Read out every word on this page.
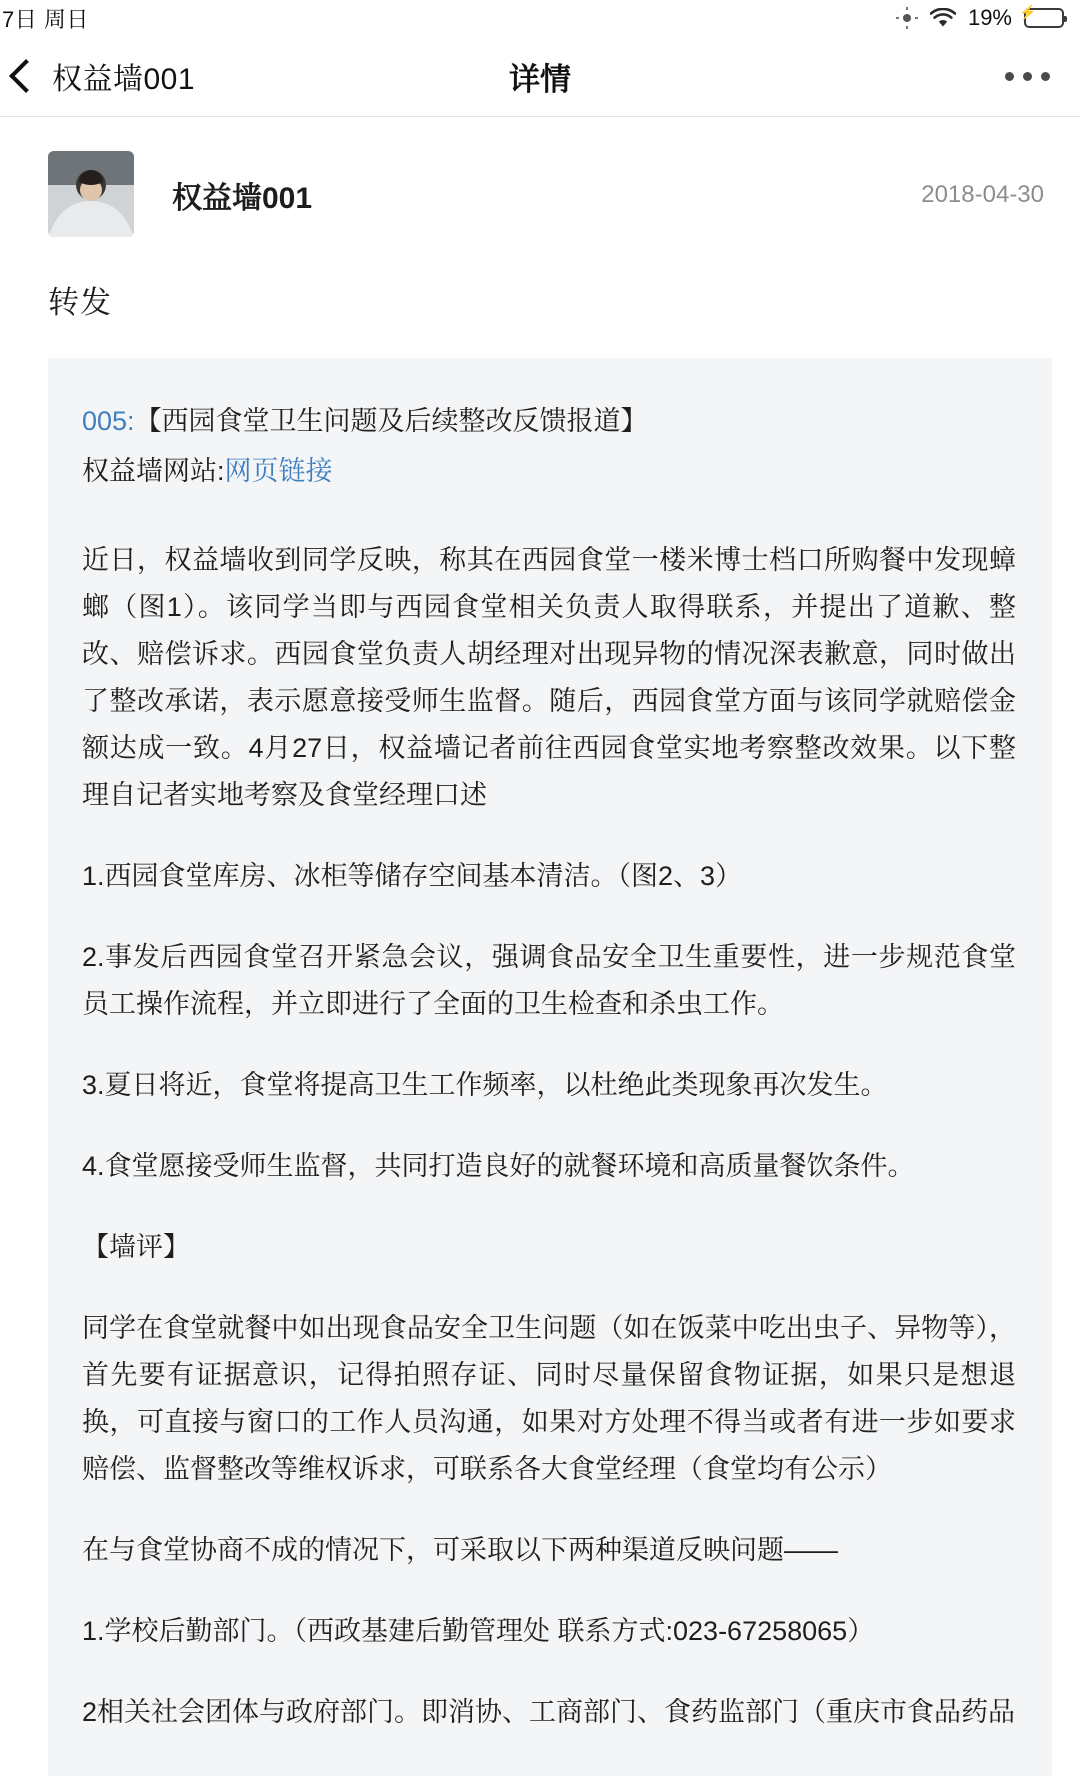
7日 周日	19% ⚡
权益墙001	详情
权益墙001	2018-04-30
转发
005:【西园食堂卫生问题及后续整改反馈报道】
权益墙网站:网页链接

近日，权益墙收到同学反映，称其在西园食堂一楼米博士档口所购餐中发现蟑螂（图1）。该同学当即与西园食堂相关负责人取得联系，并提出了道歉、整改、赔偿诉求。西园食堂负责人胡经理对出现异物的情况深表歉意，同时做出了整改承诺，表示愿意接受师生监督。随后，西园食堂方面与该同学就赔偿金额达成一致。4月27日，权益墙记者前往西园食堂实地考察整改效果。以下整理自记者实地考察及食堂经理口述

1.西园食堂库房、冰柜等储存空间基本清洁。（图2、3）

2.事发后西园食堂召开紧急会议，强调食品安全卫生重要性，进一步规范食堂员工操作流程，并立即进行了全面的卫生检查和杀虫工作。

3.夏日将近，食堂将提高卫生工作频率，以杜绝此类现象再次发生。

4.食堂愿接受师生监督，共同打造良好的就餐环境和高质量餐饮条件。

【墙评】

同学在食堂就餐中如出现食品安全卫生问题（如在饭菜中吃出虫子、异物等），首先要有证据意识，记得拍照存证、同时尽量保留食物证据，如果只是想退换，可直接与窗口的工作人员沟通，如果对方处理不得当或者有进一步如要求赔偿、监督整改等维权诉求，可联系各大食堂经理（食堂均有公示）

在与食堂协商不成的情况下，可采取以下两种渠道反映问题——

1.学校后勤部门。（西政基建后勤管理处 联系方式:023-67258065）

2相关社会团体与政府部门。即消协、工商部门、食药监部门（重庆市食品药品
